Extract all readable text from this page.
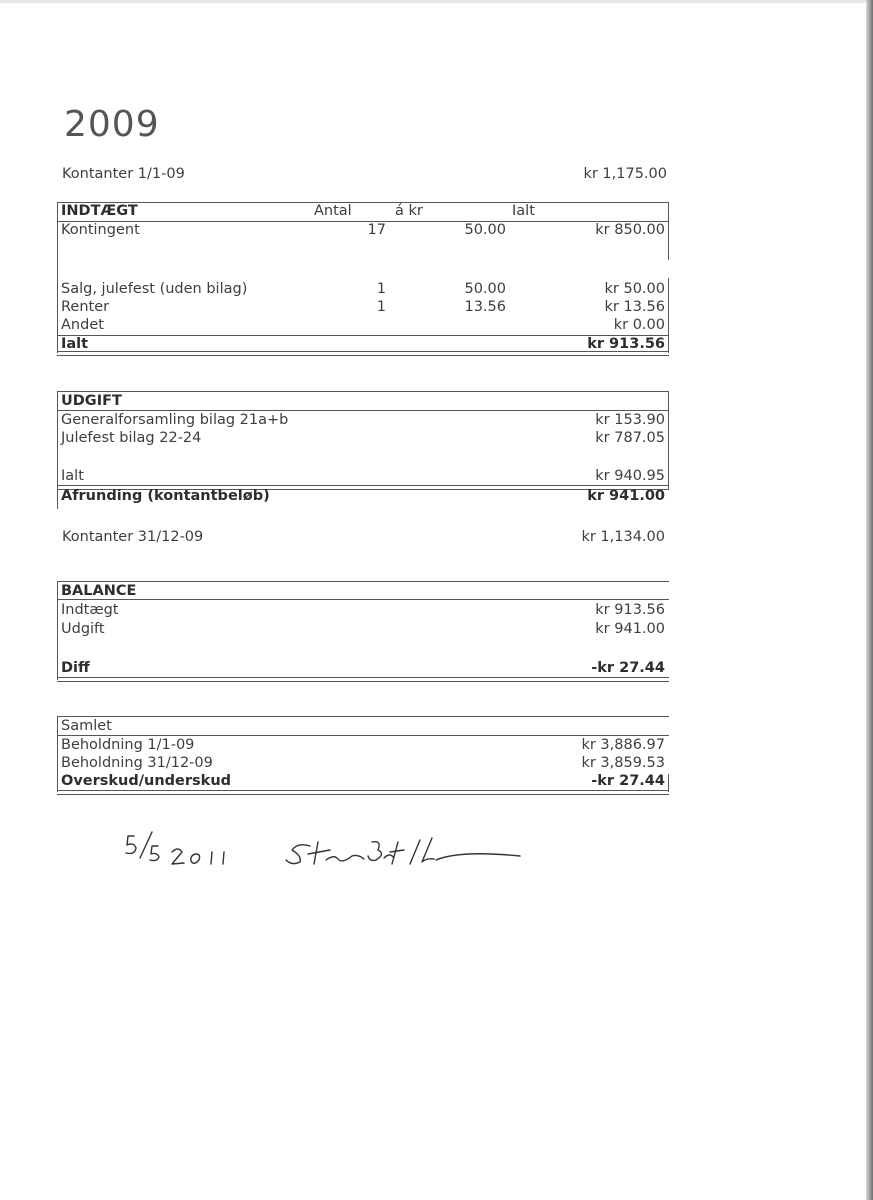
2009
Kontanter 1/1-09	kr 1,175.00
INDTÆGT	Antal	á kr	Ialt
Kontingent	17	50.00	kr 850.00
Salg, julefest (uden bilag)	1	50.00	kr 50.00
Renter	1	13.56	kr 13.56
Andet	kr 0.00
Ialt	kr 913.56
UDGIFT
Generalforsamling bilag 21a+b	kr 153.90
Julefest bilag 22-24	kr 787.05
Ialt	kr 940.95
Afrunding (kontantbeløb)	kr 941.00
Kontanter 31/12-09	kr 1,134.00
BALANCE
Indtægt	kr 913.56
Udgift	kr 941.00
Diff	-kr 27.44
Samlet
Beholdning 1/1-09	kr 3,886.97
Beholdning 31/12-09	kr 3,859.53
Overskud/underskud	-kr 27.44
